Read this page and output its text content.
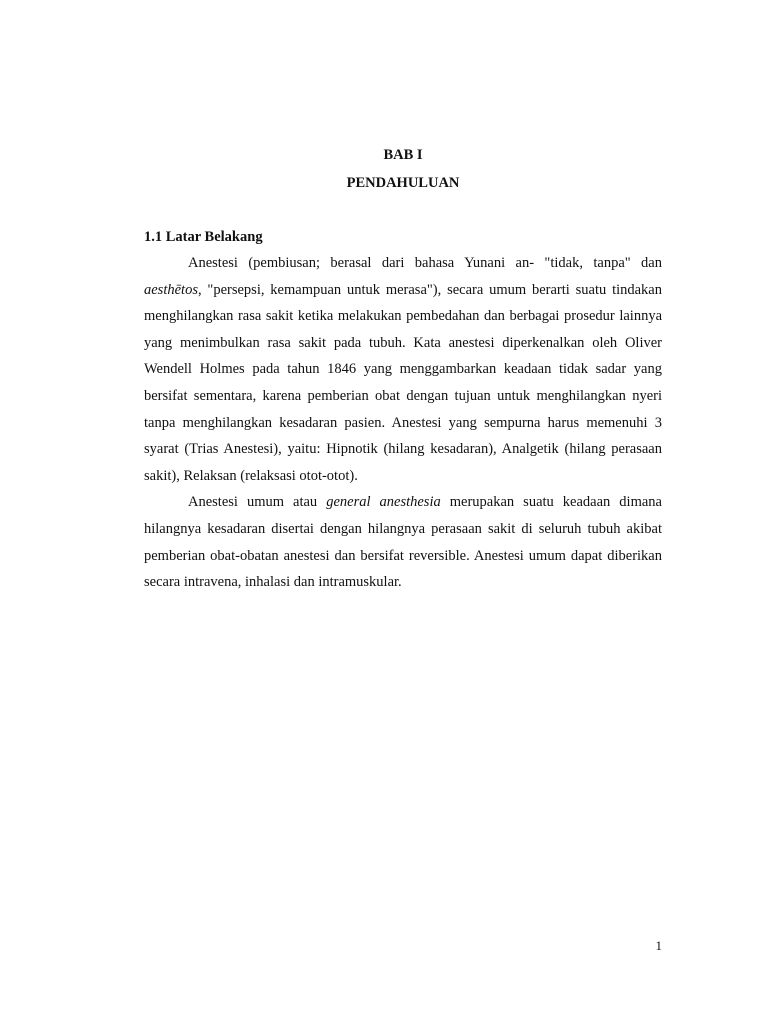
BAB I
PENDAHULUAN
1.1 Latar Belakang

Anestesi (pembiusan; berasal dari bahasa Yunani an- "tidak, tanpa" dan aesthētos, "persepsi, kemampuan untuk merasa"), secara umum berarti suatu tindakan menghilangkan rasa sakit ketika melakukan pembedahan dan berbagai prosedur lainnya yang menimbulkan rasa sakit pada tubuh. Kata anestesi diperkenalkan oleh Oliver Wendell Holmes pada tahun 1846 yang menggambarkan keadaan tidak sadar yang bersifat sementara, karena pemberian obat dengan tujuan untuk menghilangkan nyeri tanpa menghilangkan kesadaran pasien. Anestesi yang sempurna harus memenuhi 3 syarat (Trias Anestesi), yaitu: Hipnotik (hilang kesadaran), Analgetik (hilang perasaan sakit), Relaksan (relaksasi otot-otot).

Anestesi umum atau general anesthesia merupakan suatu keadaan dimana hilangnya kesadaran disertai dengan hilangnya perasaan sakit di seluruh tubuh akibat pemberian obat-obatan anestesi dan bersifat reversible. Anestesi umum dapat diberikan secara intravena, inhalasi dan intramuskular.

1
